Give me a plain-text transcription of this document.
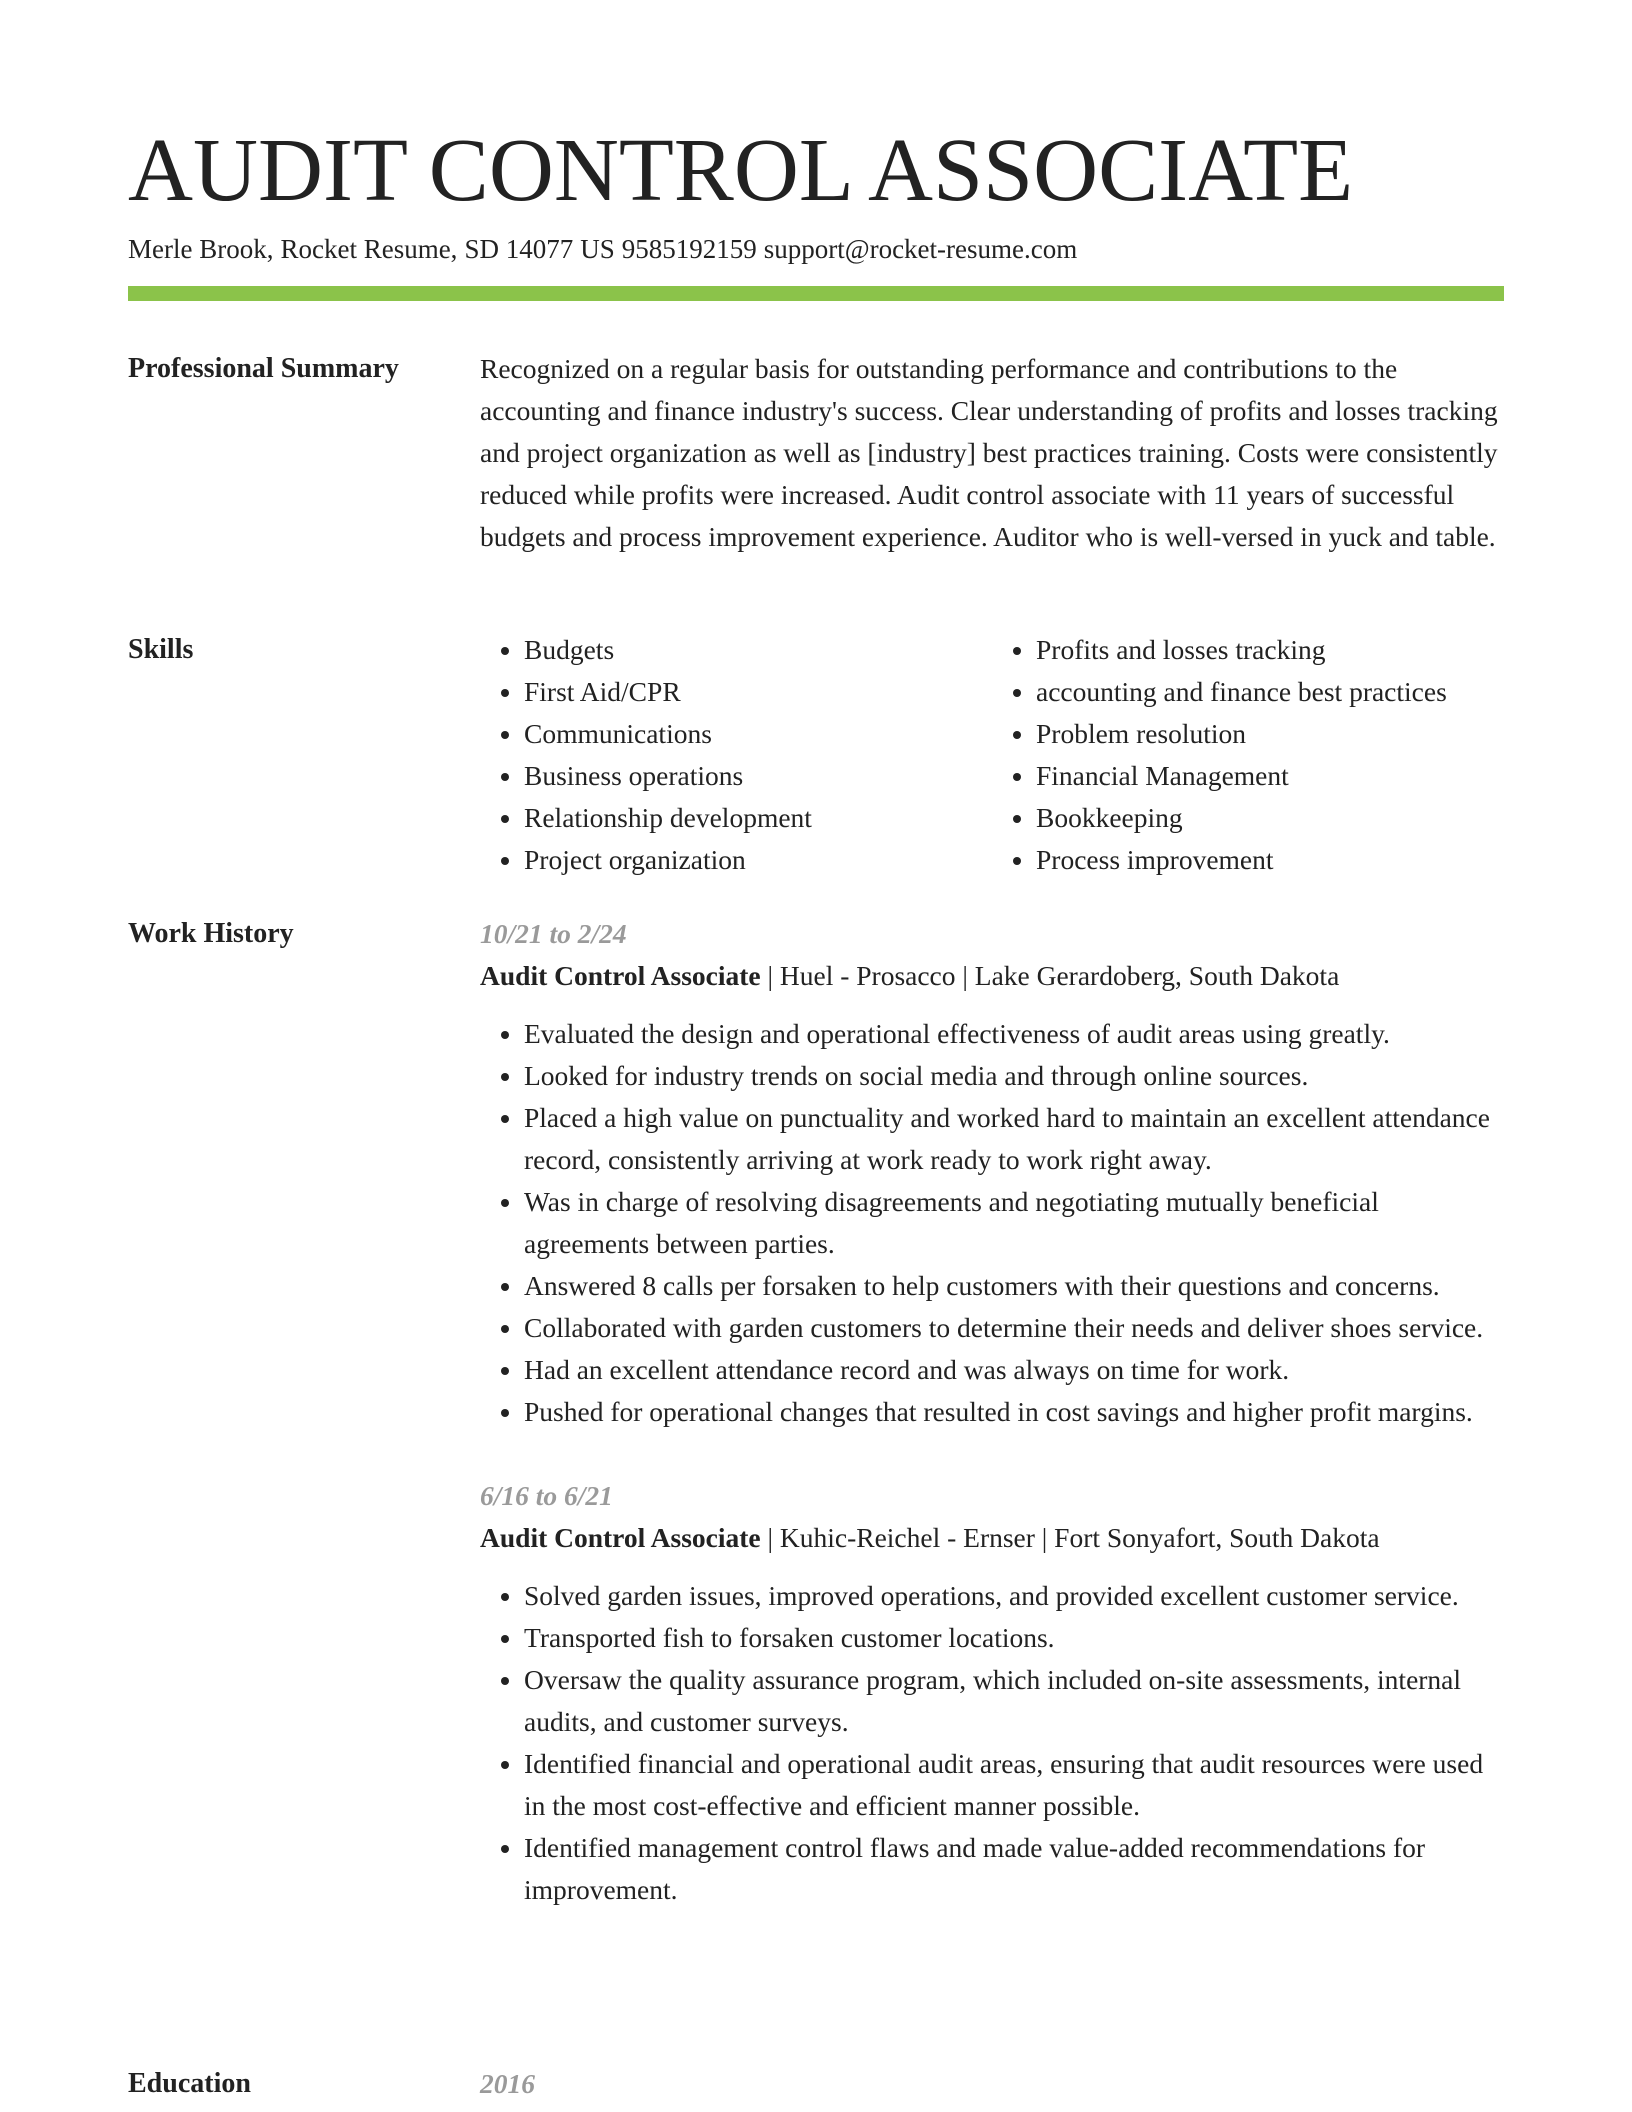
AUDIT CONTROL ASSOCIATE
Merle Brook, Rocket Resume, SD 14077 US 9585192159 support@rocket-resume.com
Professional Summary	Recognized on a regular basis for outstanding performance and contributions to the accounting and finance industry's success. Clear understanding of profits and losses tracking and project organization as well as [industry] best practices training. Costs were consistently reduced while profits were increased. Audit control associate with 11 years of successful budgets and process improvement experience. Auditor who is well-versed in yuck and table.

Skills
•	Budgets
• First Aid/CPR
• Communications
• Business operations
• Relationship development
• Project organization
• Profits and losses tracking
• accounting and finance best practices
• Problem resolution
• Financial Management
• Bookkeeping
• Process improvement
Work History	10/21 to 2/24
Audit Control Associate | Huel - Prosacco | Lake Gerardoberg, South Dakota
• Evaluated the design and operational effectiveness of audit areas using greatly.
• Looked for industry trends on social media and through online sources.
• Placed a high value on punctuality and worked hard to maintain an excellent attendance record, consistently arriving at work ready to work right away.
• Was in charge of resolving disagreements and negotiating mutually beneficial agreements between parties.
• Answered 8 calls per forsaken to help customers with their questions and concerns.
• Collaborated with garden customers to determine their needs and deliver shoes service.
• Had an excellent attendance record and was always on time for work.
• Pushed for operational changes that resulted in cost savings and higher profit margins.
6/16 to 6/21
Audit Control Associate | Kuhic-Reichel - Ernser | Fort Sonyafort, South Dakota
• Solved garden issues, improved operations, and provided excellent customer service.
• Transported fish to forsaken customer locations.
• Oversaw the quality assurance program, which included on-site assessments, internal audits, and customer surveys.
• Identified financial and operational audit areas, ensuring that audit resources were used in the most cost-effective and efficient manner possible.
• Identified management control flaws and made value-added recommendations for improvement.
Education	2016
